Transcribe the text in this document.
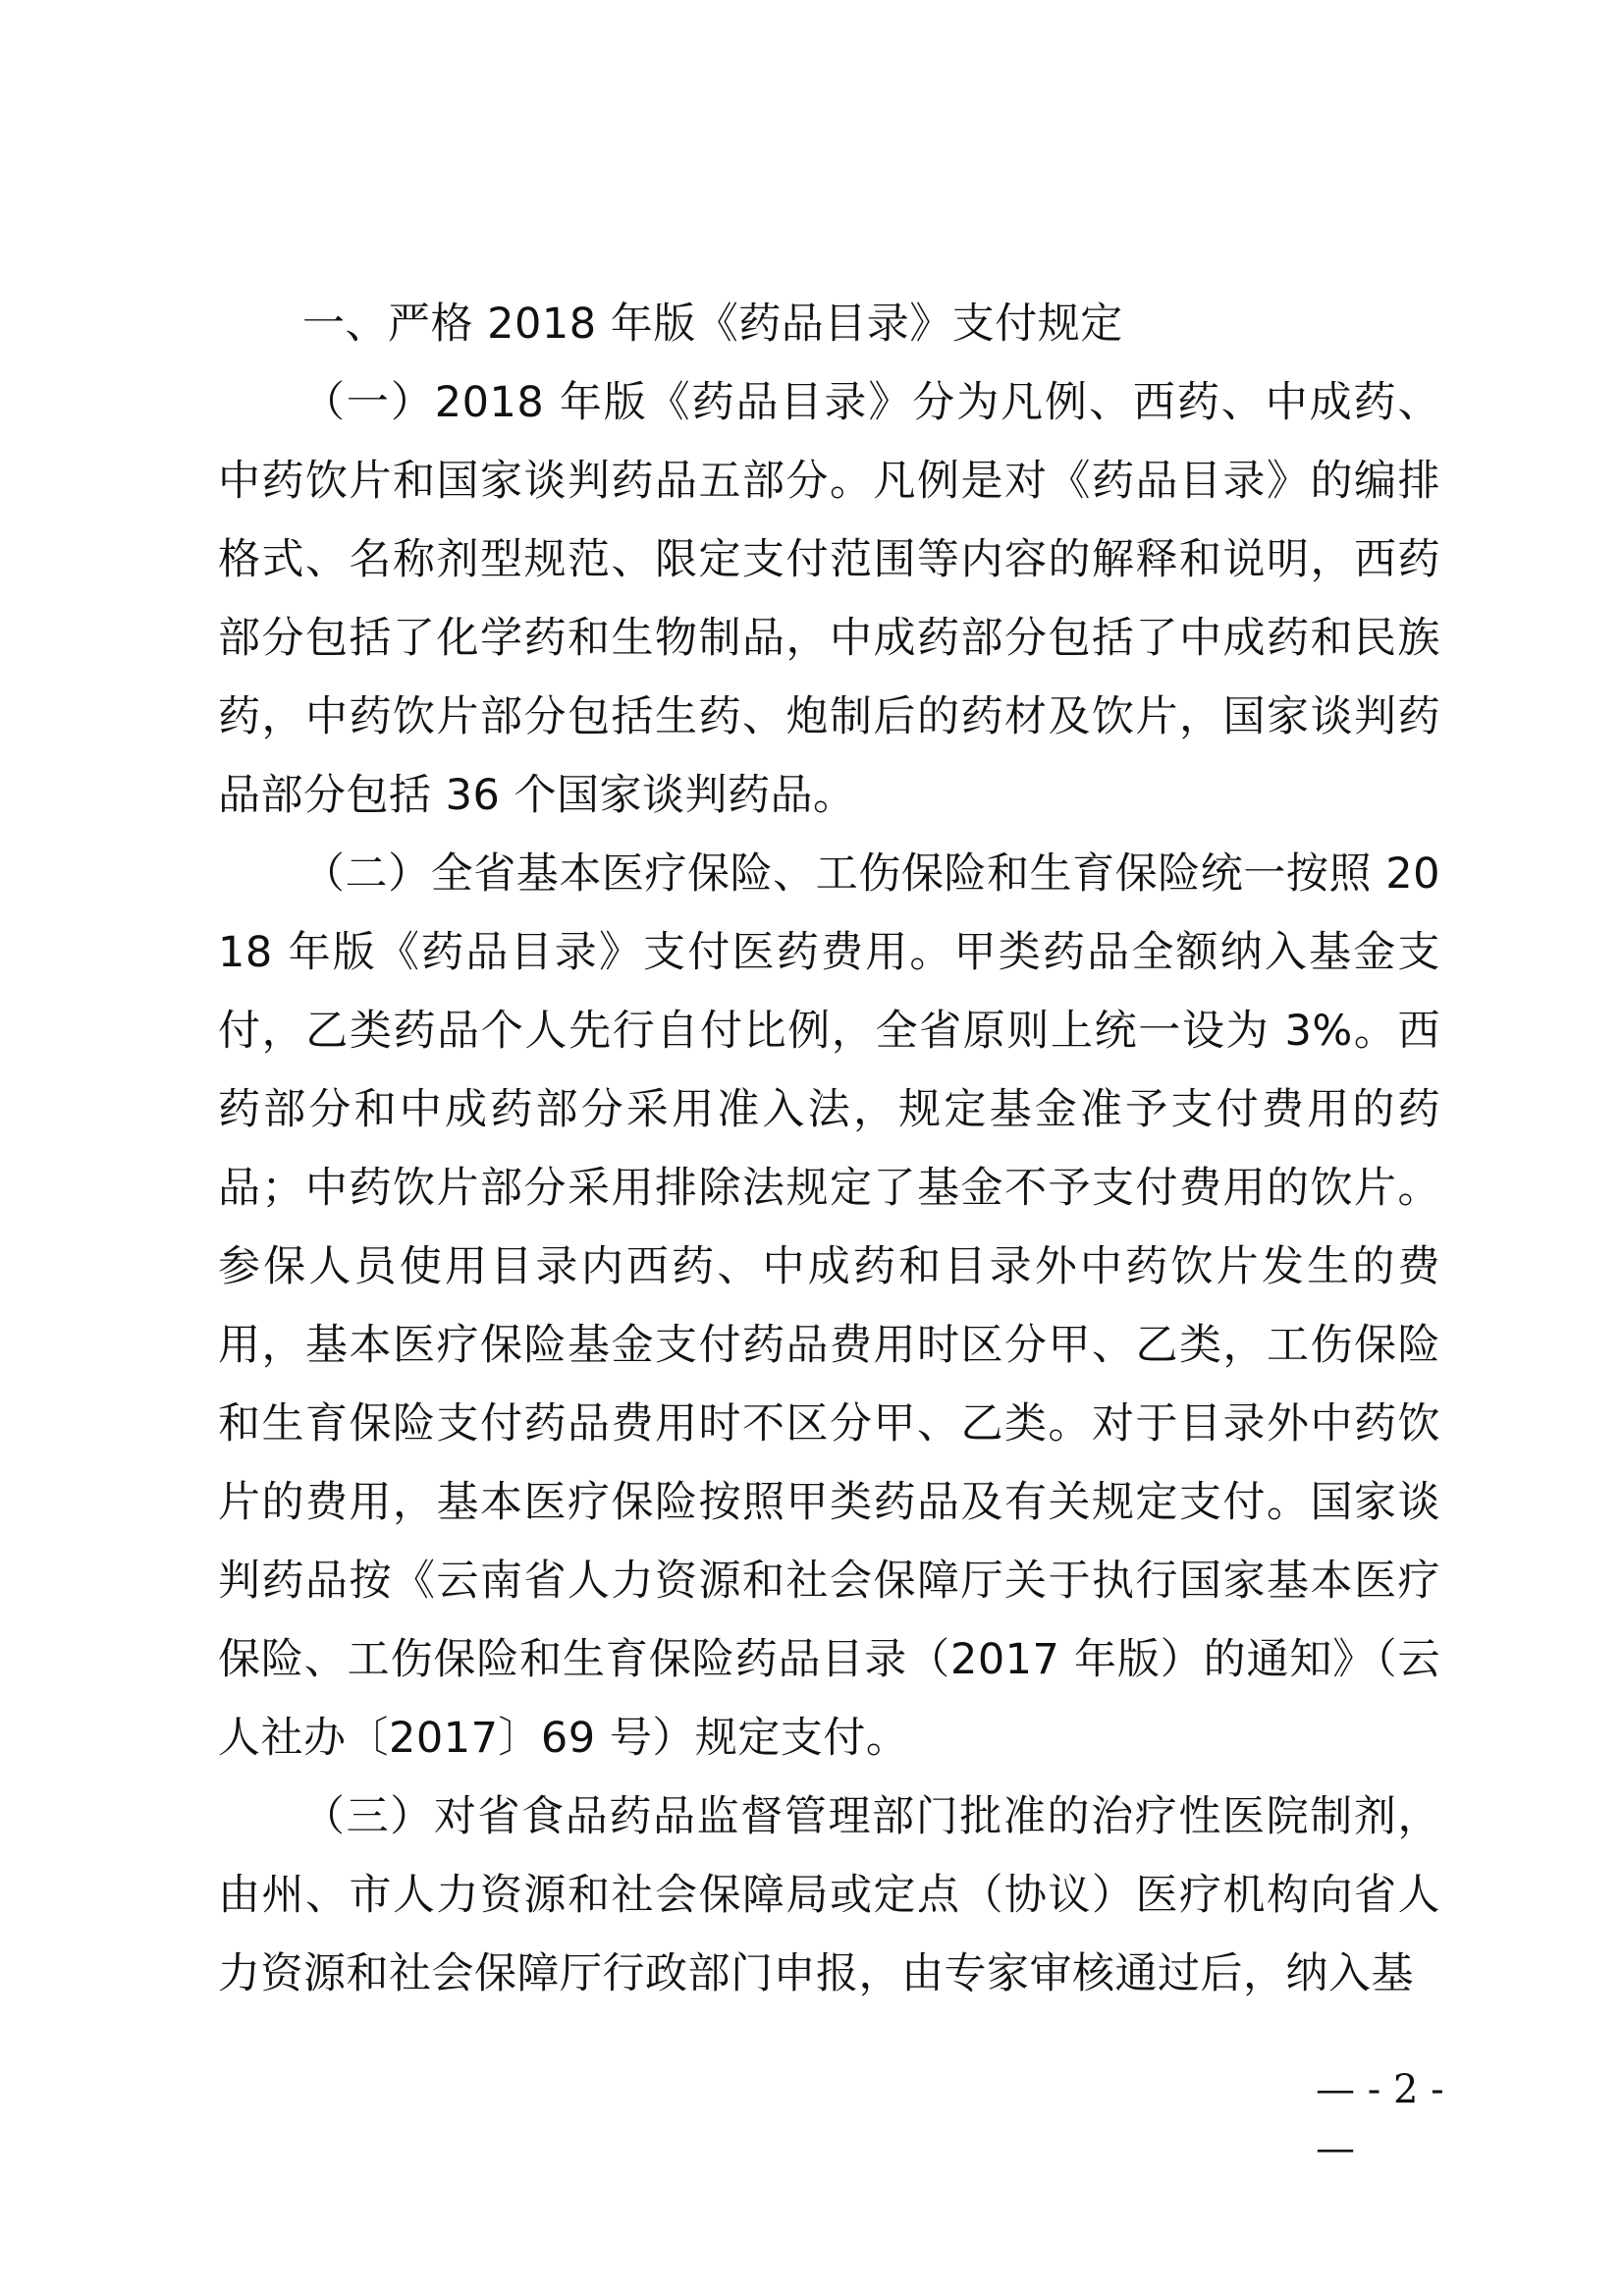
一、严格 2018 年版《药品目录》支付规定

（一）2018 年版《药品目录》分为凡例、西药、中成药、中药饮片和国家谈判药品五部分。凡例是对《药品目录》的编排格式、名称剂型规范、限定支付范围等内容的解释和说明，西药部分包括了化学药和生物制品，中成药部分包括了中成药和民族药，中药饮片部分包括生药、炮制后的药材及饮片，国家谈判药品部分包括 36 个国家谈判药品。

（二）全省基本医疗保险、工伤保险和生育保险统一按照 2018 年版《药品目录》支付医药费用。甲类药品全额纳入基金支付，乙类药品个人先行自付比例，全省原则上统一设为 3%。西药部分和中成药部分采用准入法，规定基金准予支付费用的药品；中药饮片部分采用排除法规定了基金不予支付费用的饮片。参保人员使用目录内西药、中成药和目录外中药饮片发生的费用，基本医疗保险基金支付药品费用时区分甲、乙类，工伤保险和生育保险支付药品费用时不区分甲、乙类。对于目录外中药饮片的费用，基本医疗保险按照甲类药品及有关规定支付。国家谈判药品按《云南省人力资源和社会保障厅关于执行国家基本医疗保险、工伤保险和生育保险药品目录（2017 年版）的通知》（云人社办〔2017〕69 号）规定支付。

（三）对省食品药品监督管理部门批准的治疗性医院制剂，由州、市人力资源和社会保障局或定点（协议）医疗机构向省人力资源和社会保障厅行政部门申报，由专家审核通过后，纳入基

— - 2 -
—
